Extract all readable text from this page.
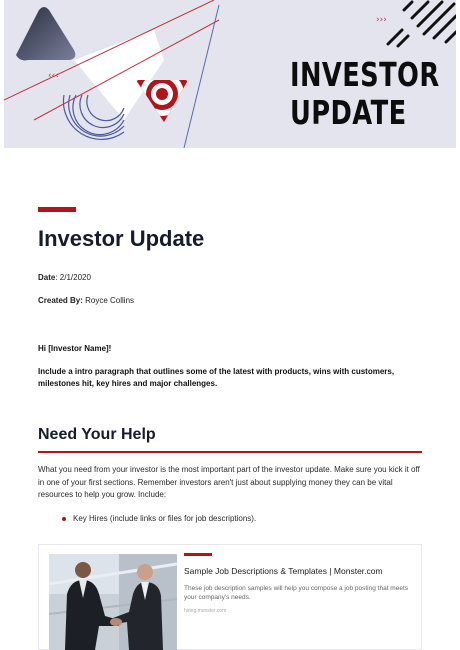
‹‹‹
›››
INVESTOR
UPDATE
Investor Update
Date: 2/1/2020
Created By: Royce Collins
Hi [Investor Name]!
Include a intro paragraph that outlines some of the latest with products, wins with customers, milestones hit, key hires and major challenges.
Need Your Help
What you need from your investor is the most important part of the investor update. Make sure you kick it off in one of your first sections. Remember investors aren't just about supplying money they can be vital resources to help you grow. Include:
Key Hires (include links or files for job descriptions).
Sample Job Descriptions & Templates | Monster.com
These job description samples will help you compose a job posting that meets your company's needs.
hiring.monster.com
